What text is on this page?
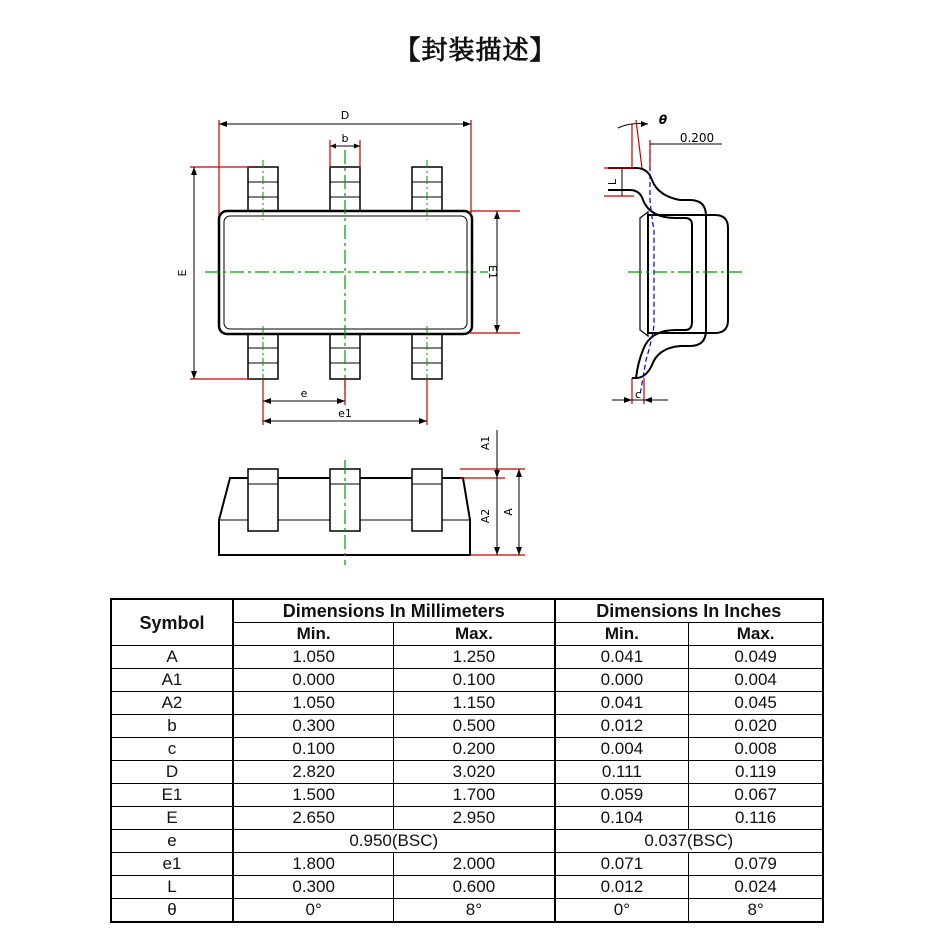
【封装描述】
D
b
E	E1
e
e1
θ
0.200
L
c
A1
A2 A
Symbol	Dimensions In Millimeters		Dimensions In Inches	
	Min.	Max.	Min.	Max.
A	1.050	1.250	0.041	0.049
A1	0.000	0.100	0.000	0.004
A2	1.050	1.150	0.041	0.045
b	0.300	0.500	0.012	0.020
c	0.100	0.200	0.004	0.008
D	2.820	3.020	0.111	0.119
E1	1.500	1.700	0.059	0.067
E	2.650	2.950	0.104	0.116
e	0.950(BSC)		0.037(BSC)	
e1	1.800	2.000	0.071	0.079
L	0.300	0.600	0.012	0.024
θ	0°	8°	0°	8°
